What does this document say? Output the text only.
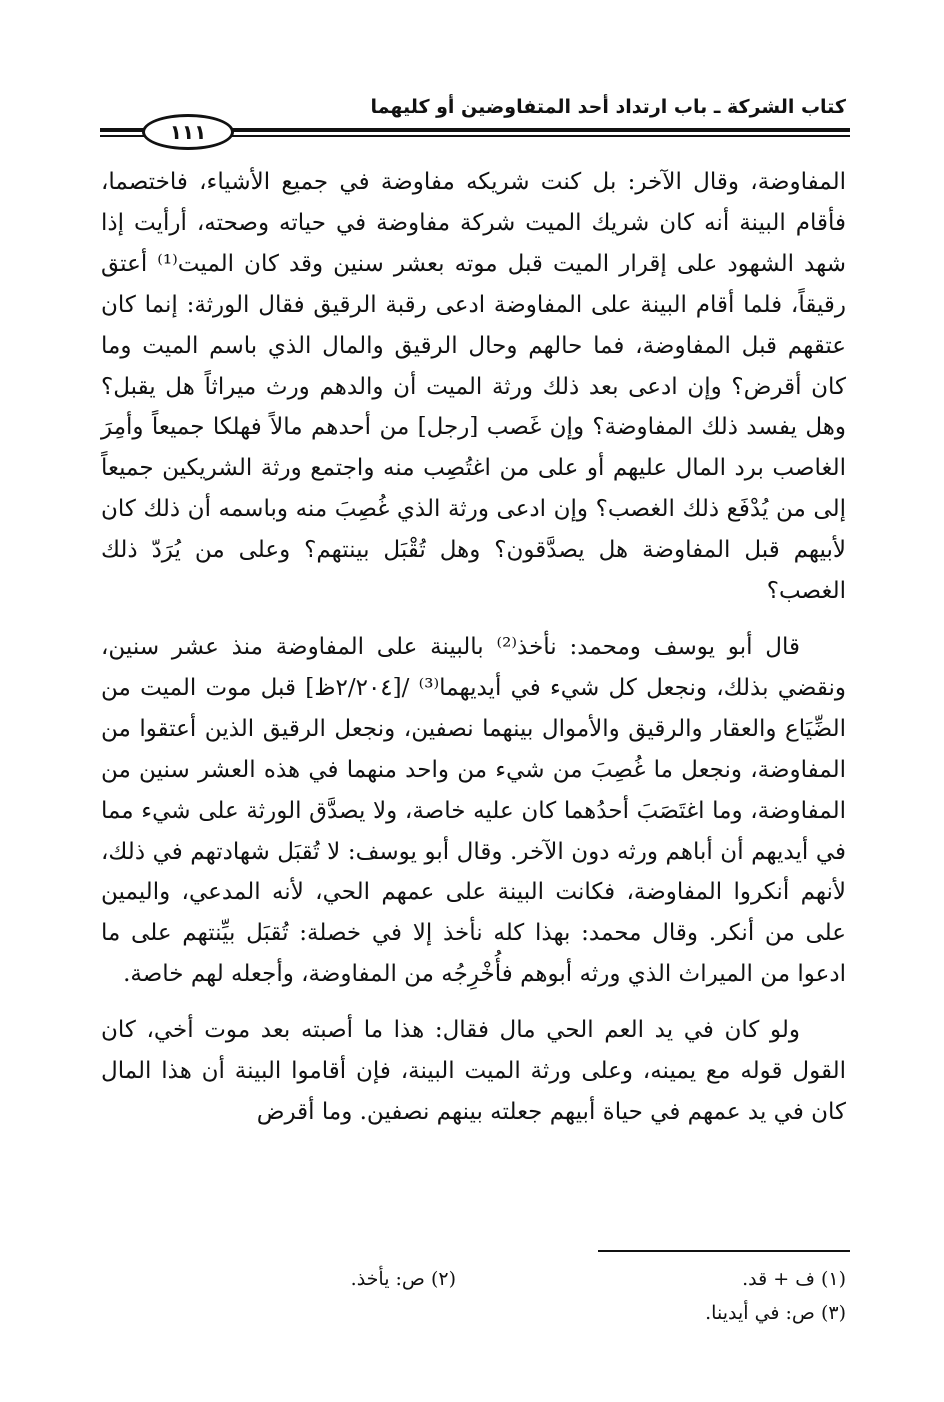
كتاب الشركة ـ باب ارتداد أحد المتفاوضين أو كليهما
١١١

المفاوضة، وقال الآخر: بل كنت شريكه مفاوضة في جميع الأشياء، فاختصما، فأقام البينة أنه كان شريك الميت شركة مفاوضة في حياته وصحته، أرأيت إذا شهد الشهود على إقرار الميت قبل موته بعشر سنين وقد كان الميت⁽¹⁾ أعتق رقيقاً، فلما أقام البينة على المفاوضة ادعى رقبة الرقيق فقال الورثة: إنما كان عتقهم قبل المفاوضة، فما حالهم وحال الرقيق والمال الذي باسم الميت وما كان أقرض؟ وإن ادعى بعد ذلك ورثة الميت أن والدهم ورث ميراثاً هل يقبل؟ وهل يفسد ذلك المفاوضة؟ وإن غَصب [رجل] من أحدهم مالاً فهلكا جميعاً وأمِرَ الغاصب برد المال عليهم أو على من اغتُصِب منه واجتمع ورثة الشريكين جميعاً إلى من يُدْفَع ذلك الغصب؟ وإن ادعى ورثة الذي غُصِبَ منه وباسمه أن ذلك كان لأبيهم قبل المفاوضة هل يصدَّقون؟ وهل تُقْبَل بينتهم؟ وعلى من يُرَدّ ذلك الغصب؟

قال أبو يوسف ومحمد: نأخذ⁽²⁾ بالبينة على المفاوضة منذ عشر سنين، ونقضي بذلك، ونجعل كل شيء في أيديهما⁽³⁾ /[٢/٢٠٤ظ] قبل موت الميت من الضِّيَاع والعقار والرقيق والأموال بينهما نصفين، ونجعل الرقيق الذين أعتقوا من المفاوضة، ونجعل ما غُصِبَ من شيء من واحد منهما في هذه العشر سنين من المفاوضة، وما اغتَصَبَ أحدُهما كان عليه خاصة، ولا يصدَّق الورثة على شيء مما في أيديهم أن أباهم ورثه دون الآخر. وقال أبو يوسف: لا تُقبَل شهادتهم في ذلك، لأنهم أنكروا المفاوضة، فكانت البينة على عمهم الحي، لأنه المدعي، واليمين على من أنكر. وقال محمد: بهذا كله نأخذ إلا في خصلة: تُقبَل بيِّنتهم على ما ادعوا من الميراث الذي ورثه أبوهم فأُخْرِجُه من المفاوضة، وأجعله لهم خاصة.

ولو كان في يد العم الحي مال فقال: هذا ما أصبته بعد موت أخي، كان القول قوله مع يمينه، وعلى ورثة الميت البينة، فإن أقاموا البينة أن هذا المال كان في يد عمهم في حياة أبيهم جعلته بينهم نصفين. وما أقرض

(١) ف + قد.
(٢) ص: يأخذ.
(٣) ص: في أيدينا.
